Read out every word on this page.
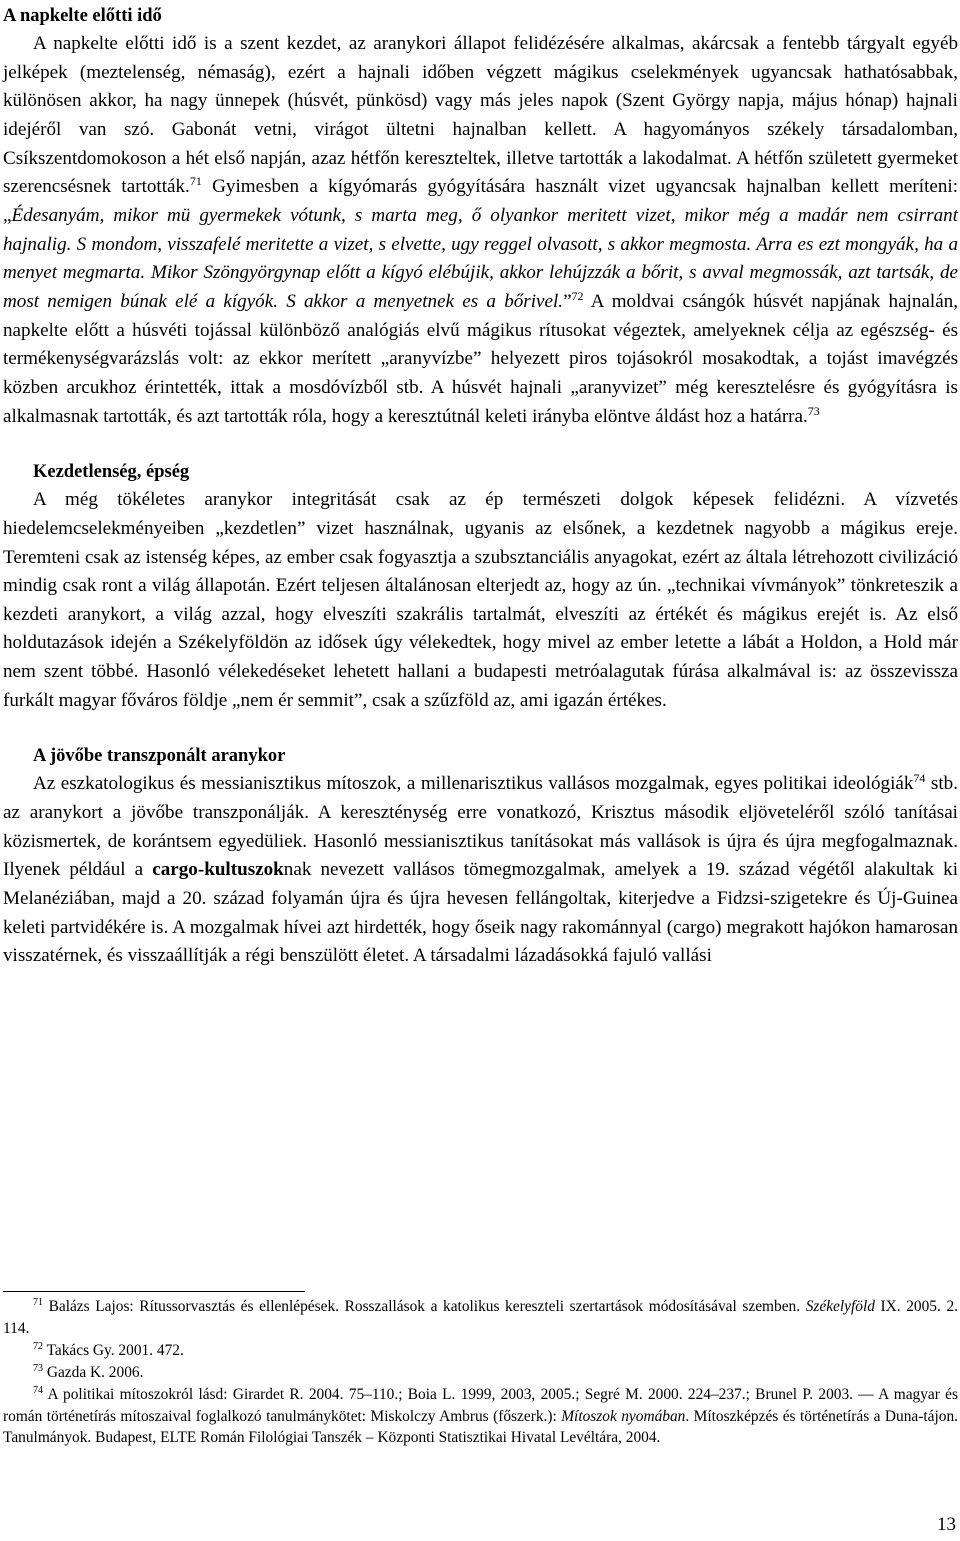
A napkelte előtti idő

A napkelte előtti idő is a szent kezdet, az aranykori állapot felidézésére alkalmas, akárcsak a fentebb tárgyalt egyéb jelképek (meztelenség, némaság), ezért a hajnali időben végzett mágikus cselekmények ugyancsak hathatósabbak, különösen akkor, ha nagy ünnepek (húsvét, pünkösd) vagy más jeles napok (Szent György napja, május hónap) hajnali idejéről van szó. Gabonát vetni, virágot ültetni hajnalban kellett. A hagyományos székely társadalomban, Csíkszentdomokoson a hét első napján, azaz hétfőn kereszteltek, illetve tartották a lakodalmat. A hétfőn született gyermeket szerencsésnek tartották.$^{71}$ Gyimesben a kígyómarás gyógyítására használt vizet ugyancsak hajnalban kellett meríteni: „Édesanyám, mikor mü gyermekek vótunk, s marta meg, ő olyankor meritett vizet, mikor még a madár nem csirrant hajnalig. S mondom, visszafelé meritette a vizet, s elvette, ugy reggel olvasott, s akkor megmosta. Arra es ezt mongyák, ha a menyet megmarta. Mikor Szöngyörgynap előtt a kígyó elébújik, akkor lehújzzák a bőrit, s avval megmossák, azt tartsák, de most nemigen búnak elé a kígyók. S akkor a menyetnek es a bőrivel.”$^{72}$ A moldvai csángók húsvét napjának hajnalán, napkelte előtt a húsvéti tojással különböző analógiás elvű mágikus rítusokat végeztek, amelyeknek célja az egészség- és termékenységvarázslás volt: az ekkor merített „aranyvízbe” helyezett piros tojásokról mosakodtak, a tojást imavégzés közben arcukhoz érintették, ittak a mosdóvízből stb. A húsvét hajnali „aranyvizet” még keresztelésre és gyógyításra is alkalmasnak tartották, és azt tartották róla, hogy a keresztútnál keleti irányba elöntve áldást hoz a határra.$^{73}$

Kezdetlenség, épség

A még tökéletes aranykor integritását csak az ép természeti dolgok képesek felidézni. A vízvetés hiedelemcselekményeiben „kezdetlen” vizet használnak, ugyanis az elsőnek, a kezdetnek nagyobb a mágikus ereje. Teremteni csak az istenség képes, az ember csak fogyasztja a szubsztanciális anyagokat, ezért az általa létrehozott civilizáció mindig csak ront a világ állapotán. Ezért teljesen általánosan elterjedt az, hogy az ún. „technikai vívmányok” tönkreteszik a kezdeti aranykort, a világ azzal, hogy elveszíti szakrális tartalmát, elveszíti az értékét és mágikus erejét is. Az első holdutazások idején a Székelyföldön az idősek úgy vélekedtek, hogy mivel az ember letette a lábát a Holdon, a Hold már nem szent többé. Hasonló vélekedéseket lehetett hallani a budapesti metróalagutak fúrása alkalmával is: az összevissza furkált magyar főváros földje „nem ér semmit”, csak a szűzföld az, ami igazán értékes.

A jövőbe transzponált aranykor

Az eszkatologikus és messianisztikus mítoszok, a millenarisztikus vallásos mozgalmak, egyes politikai ideológiák$^{74}$ stb. az aranykort a jövőbe transzponálják. A kereszténység erre vonatkozó, Krisztus második eljöveteléről szóló tanításai közismertek, de korántsem egyedüliek. Hasonló messianisztikus tanításokat más vallások is újra és újra megfogalmaznak. Ilyenek például a cargo-kultuszoknak nevezett vallásos tömegmozgalmak, amelyek a 19. század végétől alakultak ki Melanéziában, majd a 20. század folyamán újra és újra hevesen fellángoltak, kiterjedve a Fidzsi-szigetekre és Új-Guinea keleti partvidékére is. A mozgalmak hívei azt hirdették, hogy őseik nagy rakománnyal (cargo) megrakott hajókon hamarosan visszatérnek, és visszaállítják a régi benszülött életet. A társadalmi lázadásokká fajuló vallási

$^{71}$ Balázs Lajos: Rítussorvasztás és ellenlépések. Rosszallások a katolikus kereszteli szertartások módosításával szemben. Székelyföld IX. 2005. 2. 114.

$^{72}$ Takács Gy. 2001. 472.

$^{73}$ Gazda K. 2006.

$^{74}$ A politikai mítoszokról lásd: Girardet R. 2004. 75–110.; Boia L. 1999, 2003, 2005.; Segré M. 2000. 224–237.; Brunel P. 2003. — A magyar és román történetírás mítoszaival foglalkozó tanulmánykötet: Miskolczy Ambrus (főszerk.): Mítoszok nyomában. Mítoszképzés és történetírás a Duna-tájon. Tanulmányok. Budapest, ELTE Román Filológiai Tanszék – Központi Statisztikai Hivatal Levéltára, 2004.

13
